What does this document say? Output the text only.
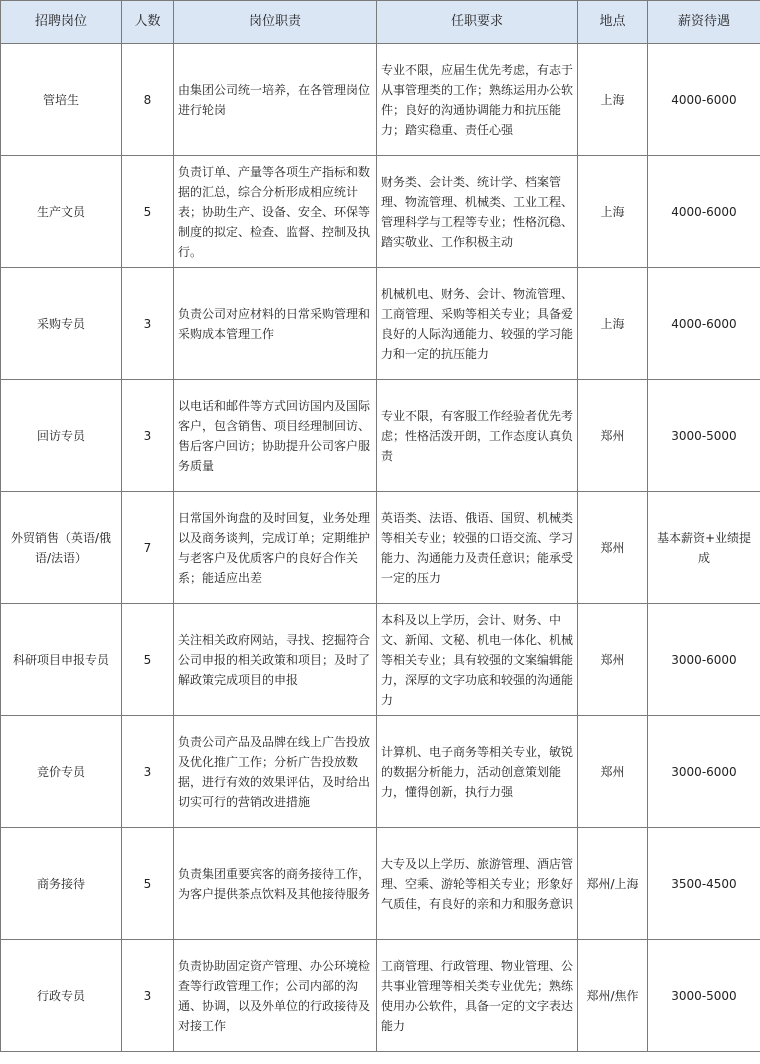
招聘岗位	人数	岗位职责	任职要求	地点	薪资待遇
管培生	8	由集团公司统一培养，在各管理岗位进行轮岗	专业不限，应届生优先考虑，有志于从事管理类的工作；熟练运用办公软件；良好的沟通协调能力和抗压能力；踏实稳重、责任心强	上海	4000-6000
生产文员	5	负责订单、产量等各项生产指标和数据的汇总，综合分析形成相应统计表；协助生产、设备、安全、环保等制度的拟定、检查、监督、控制及执行。	财务类、会计类、统计学、档案管理、物流管理、机械类、工业工程、管理科学与工程等专业；性格沉稳、踏实敬业、工作积极主动	上海	4000-6000
采购专员	3	负责公司对应材料的日常采购管理和采购成本管理工作	机械机电、财务、会计、物流管理、工商管理、采购等相关专业；具备爱良好的人际沟通能力、较强的学习能力和一定的抗压能力	上海	4000-6000
回访专员	3	以电话和邮件等方式回访国内及国际客户，包含销售、项目经理制回访、售后客户回访；协助提升公司客户服务质量	专业不限，有客服工作经验者优先考虑；性格活泼开朗，工作态度认真负责	郑州	3000-5000
外贸销售（英语/俄语/法语）	7	日常国外询盘的及时回复，业务处理以及商务谈判，完成订单；定期维护与老客户及优质客户的良好合作关系；能适应出差	英语类、法语、俄语、国贸、机械类等相关专业；较强的口语交流、学习能力、沟通能力及责任意识；能承受一定的压力	郑州	基本薪资+业绩提成
科研项目申报专员	5	关注相关政府网站，寻找、挖掘符合公司申报的相关政策和项目；及时了解政策完成项目的申报	本科及以上学历，会计、财务、中文、新闻、文秘、机电一体化、机械等相关专业；具有较强的文案编辑能力，深厚的文字功底和较强的沟通能力	郑州	3000-6000
竞价专员	3	负责公司产品及品牌在线上广告投放及优化推广工作；分析广告投放数据，进行有效的效果评估，及时给出切实可行的营销改进措施	计算机、电子商务等相关专业，敏锐的数据分析能力，活动创意策划能力，懂得创新，执行力强	郑州	3000-6000
商务接待	5	负责集团重要宾客的商务接待工作，为客户提供茶点饮料及其他接待服务	大专及以上学历、旅游管理、酒店管理、空乘、游轮等相关专业；形象好气质佳，有良好的亲和力和服务意识	郑州/上海	3500-4500
行政专员	3	负责协助固定资产管理、办公环境检查等行政管理工作；公司内部的沟通、协调，以及外单位的行政接待及对接工作	工商管理、行政管理、物业管理、公共事业管理等相关类专业优先；熟练使用办公软件，具备一定的文字表达能力	郑州/焦作	3000-5000
